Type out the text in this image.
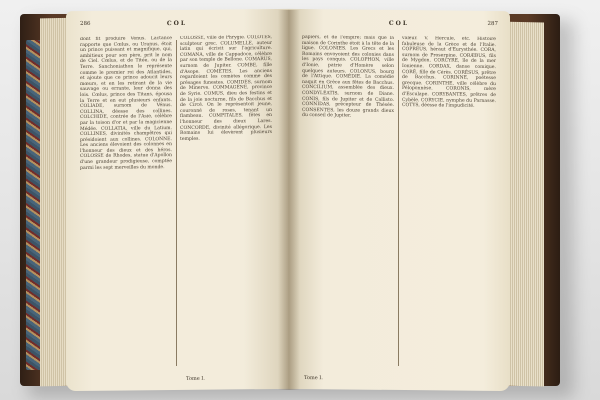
286	COL
dont fit produire Vénus. Lactance rapporte que Cœlus, ou Uranus, étoit un prince puissant et magnifique, qui, ambitieux pour son père, prit le nom de Ciel. Cœlus, et de Titée, ou de la Terre. Sanchoniathon le représente comme le premier roi des Atlantides, et ajoute que ce prince adoucit leurs mœurs, et en les retirant de la vie sauvage ou errante, leur donna des lois. Cœlus, prince des Titans, épousa la Terre et en eut plusieurs enfants. COLIADE, surnom de Vénus. COLLINA, déesse des collines. COLCHIDE, contrée de l'Asie, célèbre par la toison d'or et par la magicienne Médée. COLLATIA, ville du Latium. COLLINES, divinités champêtres qui présidoient aux collines. COLONNE. Les anciens élevoient des colonnes en l'honneur des dieux et des héros. COLOSSE de Rhodes, statue d'Apollon d'une grandeur prodigieuse, comptée parmi les sept merveilles du monde.
COLOSSE, ville de Phrygie. COLOTES, sculpteur grec. COLUMELLE, auteur latin qui écrivit sur l'agriculture. COMANA, ville de Cappadoce, célèbre par son temple de Bellone. COMARUS, surnom de Jupiter. COMBE, fille d'Asope. COMÈTES. Les anciens regardoient les comètes comme des présages funestes. COMIDES, surnom de Minerve. COMMAGÈNE, province de Syrie. COMUS, dieu des festins et de la joie nocturne, fils de Bacchus et de Circé. On le représentoit jeune, couronné de roses, tenant un flambeau. COMPITALES, fêtes en l'honneur des dieux Lares. CONCORDE, divinité allégorique. Les Romains lui élevèrent plusieurs temples.
Tome I.
COL	287
papiers, et de l'empire; mais que la maison de Corinthe étoit à la tête de la ligue. COLONIES. Les Grecs et les Romains envoyoient des colonies dans les pays conquis. COLOPHON, ville d'Ionie, patrie d'Homère selon quelques auteurs. COLONUS, bourg de l'Attique. COMÉDIE. La comédie naquit en Grèce aux fêtes de Bacchus. CONCILIUM, assemblée des dieux. CONDYLÉATIS, surnom de Diane. CONIS, fils de Jupiter et de Callisto. CONNIDAS, précepteur de Thésée. CONSENTES, les douze grands dieux du conseil de Jupiter.
valeur. V. Hercule, etc. Histoire fabuleuse de la Grèce et de l'Italie. COPREUS, héraut d'Eurysthée. CORA, surnom de Proserpine. CORÆBUS, fils de Mygdon. CORCYRE, île de la mer Ionienne. CORDAX, danse comique. CORÉ, fille de Cérès. CORÉSUS, prêtre de Bacchus. CORINNE, poétesse grecque. CORINTHE, ville célèbre du Péloponnèse. CORONIS, mère d'Esculape. CORYBANTES, prêtres de Cybèle. CORYCIE, nymphe du Parnasse. COTYS, déesse de l'impudicité.
Tome I.
